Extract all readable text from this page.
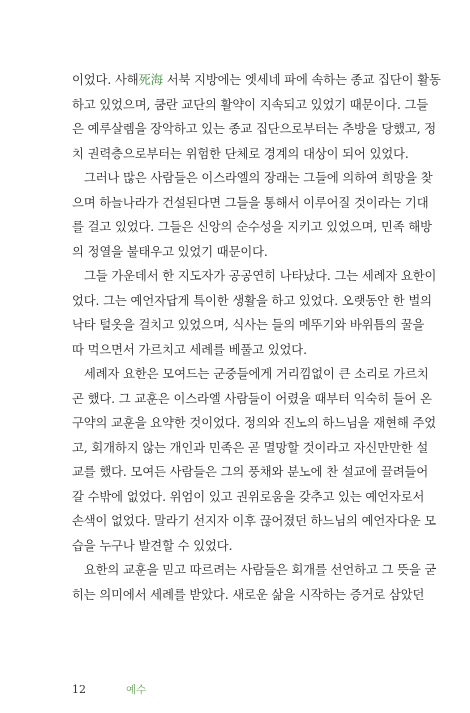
이었다. 사해死海 서북 지방에는 엣세네 파에 속하는 종교 집단이 활동
하고 있었으며, 쿰란 교단의 활약이 지속되고 있었기 때문이다. 그들
은 예루살렘을 장악하고 있는 종교 집단으로부터는 추방을 당했고, 정
치 권력층으로부터는 위험한 단체로 경계의 대상이 되어 있었다.
그러나 많은 사람들은 이스라엘의 장래는 그들에 의하여 희망을 찾
으며 하늘나라가 건설된다면 그들을 통해서 이루어질 것이라는 기대
를 걸고 있었다. 그들은 신앙의 순수성을 지키고 있었으며, 민족 해방
의 정열을 불태우고 있었기 때문이다.
그들 가운데서 한 지도자가 공공연히 나타났다. 그는 세례자 요한이
었다. 그는 예언자답게 특이한 생활을 하고 있었다. 오랫동안 한 벌의
낙타 털옷을 걸치고 있었으며, 식사는 들의 메뚜기와 바위틈의 꿀을
따 먹으면서 가르치고 세례를 베풀고 있었다.
세례자 요한은 모여드는 군중들에게 거리낌없이 큰 소리로 가르치
곤 했다. 그 교훈은 이스라엘 사람들이 어렸을 때부터 익숙히 들어 온
구약의 교훈을 요약한 것이었다. 정의와 진노의 하느님을 재현해 주었
고, 회개하지 않는 개인과 민족은 곧 멸망할 것이라고 자신만만한 설
교를 했다. 모여든 사람들은 그의 풍채와 분노에 찬 설교에 끌려들어
갈 수밖에 없었다. 위엄이 있고 권위로움을 갖추고 있는 예언자로서
손색이 없었다. 말라기 선지자 이후 끊어졌던 하느님의 예언자다운 모
습을 누구나 발견할 수 있었다.
요한의 교훈을 믿고 따르려는 사람들은 회개를 선언하고 그 뜻을 굳
히는 의미에서 세례를 받았다. 새로운 삶을 시작하는 증거로 삼았던
12	예수
